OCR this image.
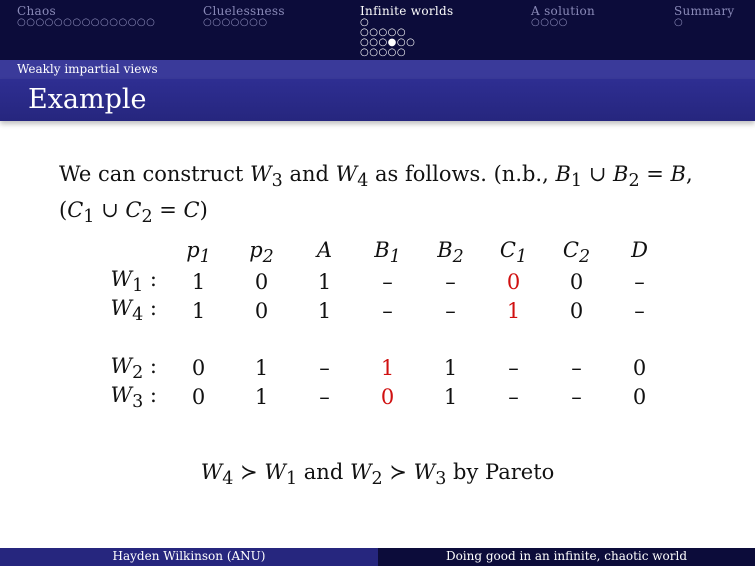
Chaos
○○○○○○○○○○○○○○○
Cluelessness
○○○○○○○
Infinite worlds
○
○○○○○
○○○●○○
○○○○○
A solution
○○○○
Summary
○
Weakly impartial views
Example
We can construct $W_3$ and $W_4$ as follows. (n.b., $B_1$ ∪ $B_2 = B$,
($C_1$ ∪ $C_2 = C$)
	$p_1$	$p_2$	A	$B_1$	$B_2$	$C_1$	$C_2$	D
$W_1$ :	1	0	1	–	–	0	0	–
$W_4$ :	1	0	1	–	–	1	0	–

$W_2$ :	0	1	–	1	1	–	–	0
$W_3$ :	0	1	–	0	1	–	–	0
$W_4$ ≻ $W_1$ and $W_2$ ≻ $W_3$ by Pareto
Hayden Wilkinson (ANU)	Doing good in an infinite, chaotic world
